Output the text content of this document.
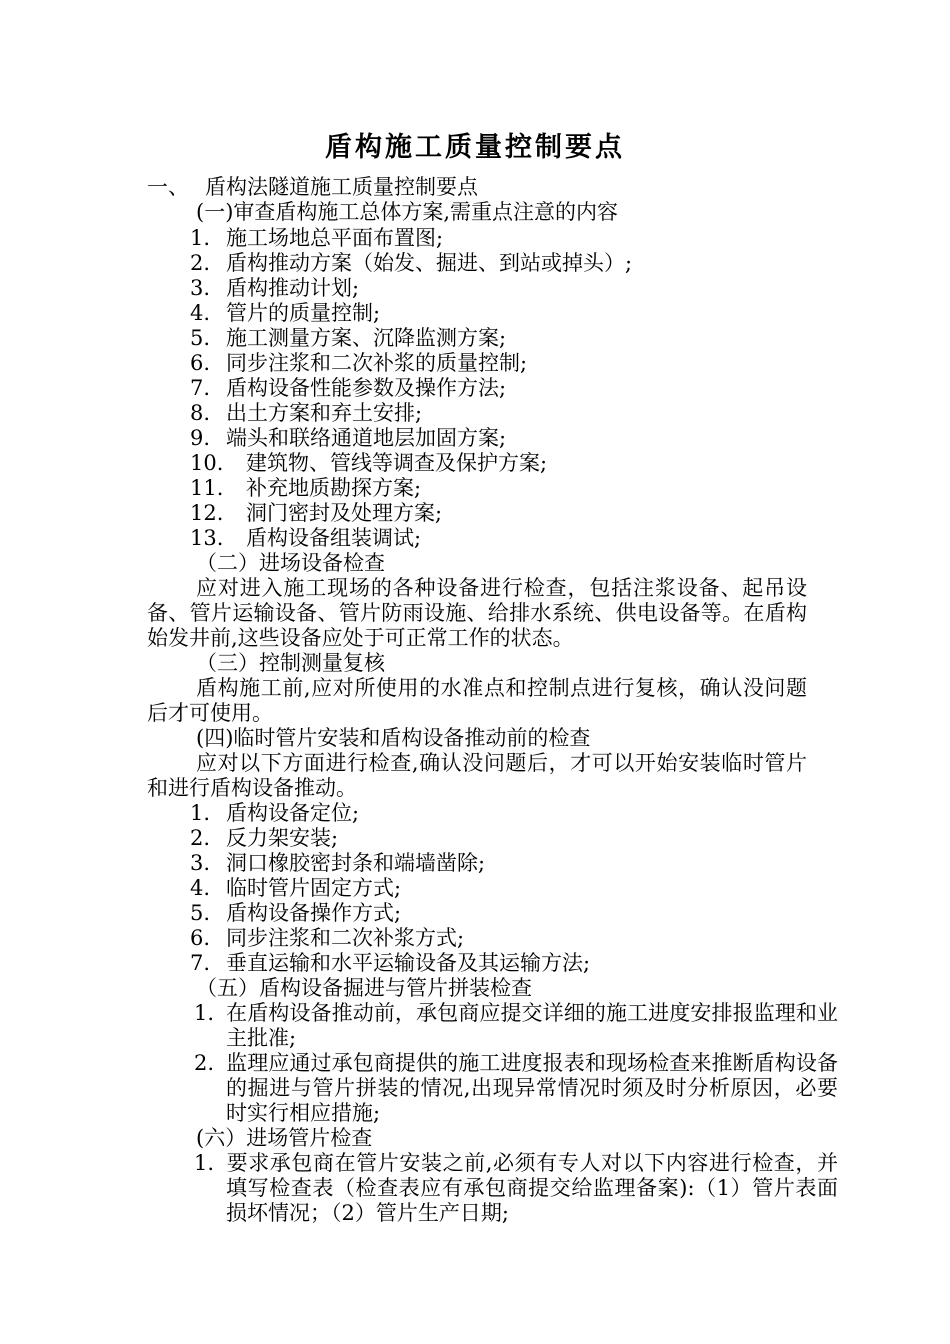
盾构施工质量控制要点
一、 盾构法隧道施工质量控制要点
(一)审查盾构施工总体方案,需重点注意的内容
1. 施工场地总平面布置图;
2. 盾构推动方案（始发、掘进、到站或掉头）;
3. 盾构推动计划;
4. 管片的质量控制;
5. 施工测量方案、沉降监测方案;
6. 同步注浆和二次补浆的质量控制;
7. 盾构设备性能参数及操作方法;
8. 出土方案和弃土安排;
9. 端头和联络通道地层加固方案;
10. 建筑物、管线等调查及保护方案;
11. 补充地质勘探方案;
12. 洞门密封及处理方案;
13. 盾构设备组装调试;
（二）进场设备检查
应对进入施工现场的各种设备进行检查，包括注浆设备、起吊设备、管片运输设备、管片防雨设施、给排水系统、供电设备等。在盾构始发井前,这些设备应处于可正常工作的状态。
（三）控制测量复核
盾构施工前,应对所使用的水准点和控制点进行复核，确认没问题后才可使用。
(四)临时管片安装和盾构设备推动前的检查
应对以下方面进行检查,确认没问题后，才可以开始安装临时管片和进行盾构设备推动。
1. 盾构设备定位;
2. 反力架安装;
3. 洞口橡胶密封条和端墙凿除;
4. 临时管片固定方式;
5. 盾构设备操作方式;
6. 同步注浆和二次补浆方式;
7. 垂直运输和水平运输设备及其运输方法;
（五）盾构设备掘进与管片拼装检查
1. 在盾构设备推动前，承包商应提交详细的施工进度安排报监理和业主批准;
2. 监理应通过承包商提供的施工进度报表和现场检查来推断盾构设备的掘进与管片拼装的情况,出现异常情况时须及时分析原因，必要时实行相应措施;
(六）进场管片检查
1. 要求承包商在管片安装之前,必须有专人对以下内容进行检查，并填写检查表（检查表应有承包商提交给监理备案):（1）管片表面损坏情况；（2）管片生产日期;
